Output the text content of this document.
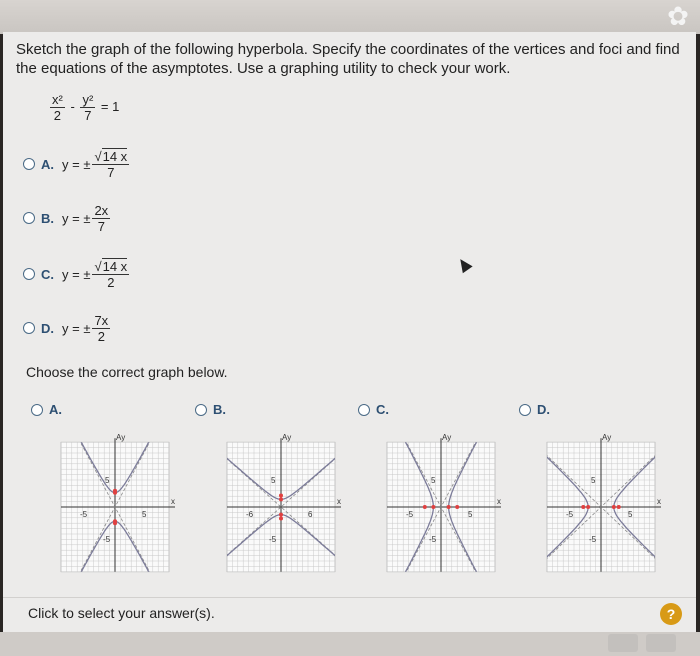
✿
Sketch the graph of the following hyperbola. Specify the coordinates of the vertices and foci and find the equations of the asymptotes. Use a graphing utility to check your work.
$\frac{\text{x²}}{2} - \frac{\text{y²}}{7} = 1$
A. y = ± $\frac{√14 x}{7}$
B. y = ± $\frac{2x}{7}$
C. y = ± $\frac{√14 x}{2}$
D. y = ± $\frac{7x}{2}$
Choose the correct graph below.
A.	B.	C.	D.
Ay
x
5
-5
5
-5
Ay
x
6
-6
5
-5
Ay
x
5
-5
5
-5
Ay
x
5
-5
5
-5
Click to select your answer(s).	?
